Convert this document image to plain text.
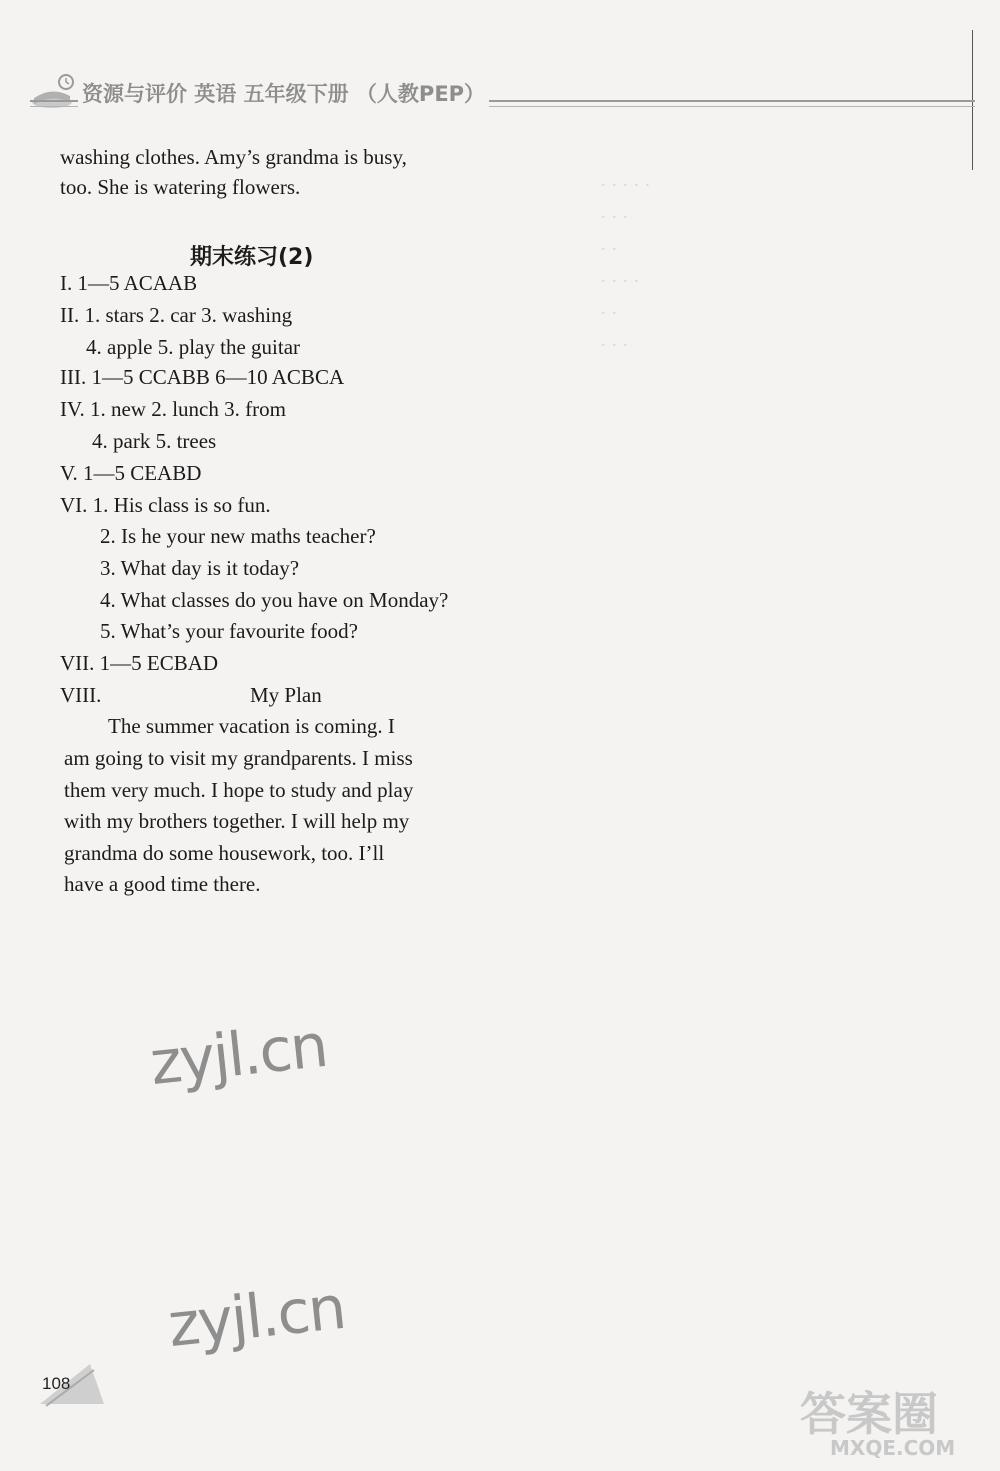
· · · · ·
· · ·
· ·
· · · ·
· ·
· · ·
资源与评价 英语 五年级下册 （人教PEP）
washing clothes. Amy’s grandma is busy,
too. She is watering flowers.
期末练习(2)
I. 1—5 ACAAB
II. 1. stars 2. car 3. washing
4. apple 5. play the guitar
III. 1—5 CCABB 6—10 ACBCA
IV. 1. new 2. lunch 3. from
4. park 5. trees
V. 1—5 CEABD
VI. 1. His class is so fun.
2. Is he your new maths teacher?
3. What day is it today?
4. What classes do you have on Monday?
5. What’s your favourite food?
VII. 1—5 ECBAD
VIII.	My Plan
The summer vacation is coming. I
am going to visit my grandparents. I miss
them very much. I hope to study and play
with my brothers together. I will help my
grandma do some housework, too. I’ll
have a good time there.
zyjl.cn
zyjl.cn
108
答案圈
MXQE.COM
